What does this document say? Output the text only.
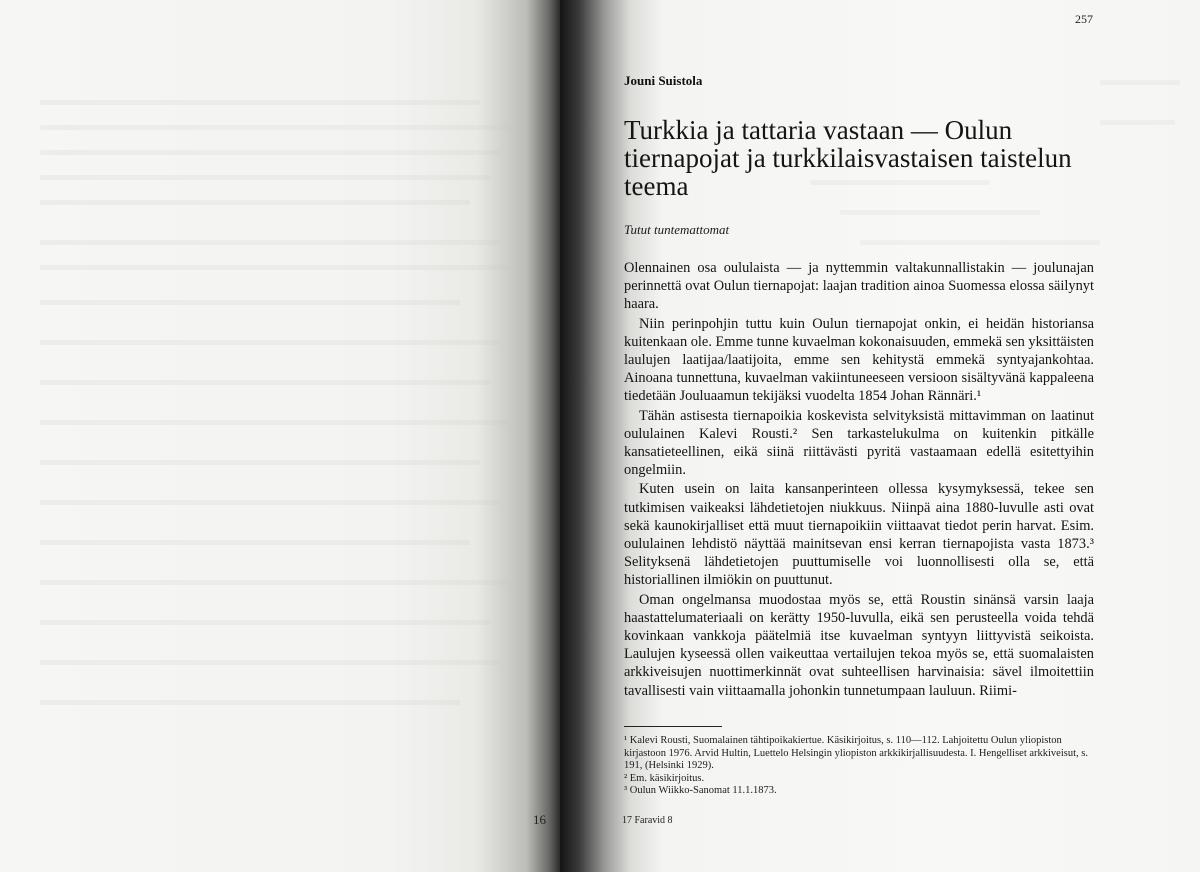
16
257
Jouni Suistola
Turkkia ja tattaria vastaan — Oulun tiernapojat ja turkkilaisvastaisen taistelun teema
Tutut tuntemattomat

Olennainen osa oululaista — ja nyttemmin valtakunnallistakin — joulunajan perinnettä ovat Oulun tiernapojat: laajan tradition ainoa Suomessa elossa säilynyt haara.

Niin perinpohjin tuttu kuin Oulun tiernapojat onkin, ei heidän historiansa kuitenkaan ole. Emme tunne kuvaelman kokonaisuuden, emmekä sen yksittäisten laulujen laatijaa/laatijoita, emme sen kehitystä emmekä syntyajankohtaa. Ainoana tunnettuna, kuvaelman vakiintuneeseen versioon sisältyvänä kappaleena tiedetään Jouluaamun tekijäksi vuodelta 1854 Johan Rännäri.¹

Tähän astisesta tiernapoikia koskevista selvityksistä mittavimman on laatinut oululainen Kalevi Rousti.² Sen tarkastelukulma on kuitenkin pitkälle kansatieteellinen, eikä siinä riittävästi pyritä vastaamaan edellä esitettyihin ongelmiin.

Kuten usein on laita kansanperinteen ollessa kysymyksessä, tekee sen tutkimisen vaikeaksi lähdetietojen niukkuus. Niinpä aina 1880-luvulle asti ovat sekä kaunokirjalliset että muut tiernapoikiin viittaavat tiedot perin harvat. Esim. oululainen lehdistö näyttää mainitsevan ensi kerran tiernapojista vasta 1873.³ Selityksenä lähdetietojen puuttumiselle voi luonnollisesti olla se, että historiallinen ilmiökin on puuttunut.

Oman ongelmansa muodostaa myös se, että Roustin sinänsä varsin laaja haastattelumateriaali on kerätty 1950-luvulla, eikä sen perusteella voida tehdä kovinkaan vankkoja päätelmiä itse kuvaelman syntyyn liittyvistä seikoista. Laulujen kyseessä ollen vaikeuttaa vertailujen tekoa myös se, että suomalaisten arkkiveisujen nuottimerkinnät ovat suhteellisen harvinaisia: sävel ilmoitettiin tavallisesti vain viittaamalla johonkin tunnetumpaan lauluun. Riimi-

¹ Kalevi Rousti, Suomalainen tähtipoikakiertue. Käsikirjoitus, s. 110—112. Lahjoitettu Oulun yliopiston kirjastoon 1976. Arvid Hultin, Luettelo Helsingin yliopiston arkkikirjallisuudesta. I. Hengelliset arkkiveisut, s. 191, (Helsinki 1929).
² Em. käsikirjoitus.
³ Oulun Wiikko-Sanomat 11.1.1873.
17 Faravid 8
